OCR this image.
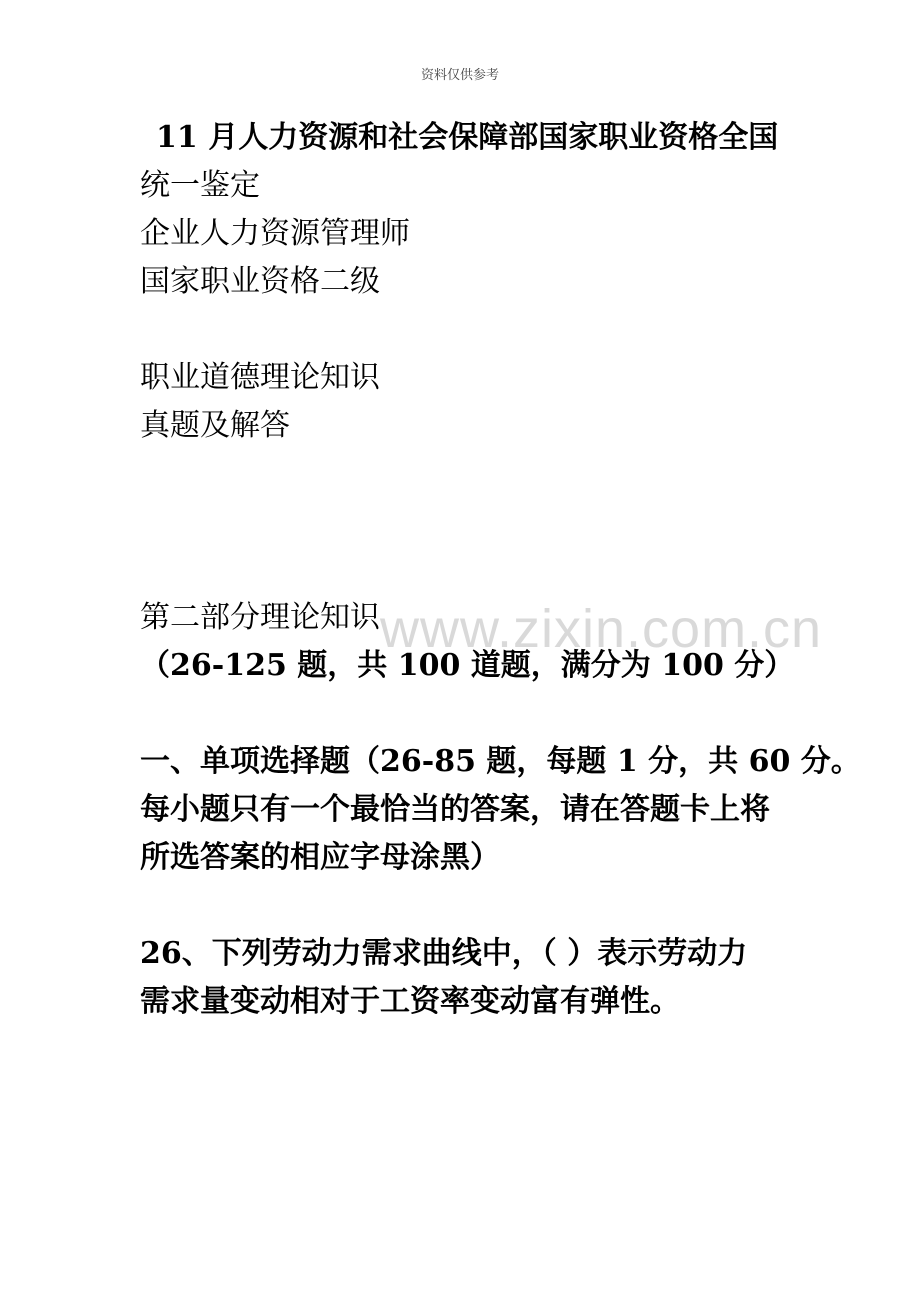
资料仅供参考
www.zixin.com.cn
11 月人力资源和社会保障部国家职业资格全国
统一鉴定
企业人力资源管理师
国家职业资格二级
职业道德理论知识
真题及解答
第二部分理论知识
（26-125 题，共 100 道题，满分为 100 分）
一、单项选择题（26-85 题，每题 1 分，共 60 分。
每小题只有一个最恰当的答案，请在答题卡上将
所选答案的相应字母涂黑）
26、下列劳动力需求曲线中，（ ）表示劳动力
需求量变动相对于工资率变动富有弹性。
